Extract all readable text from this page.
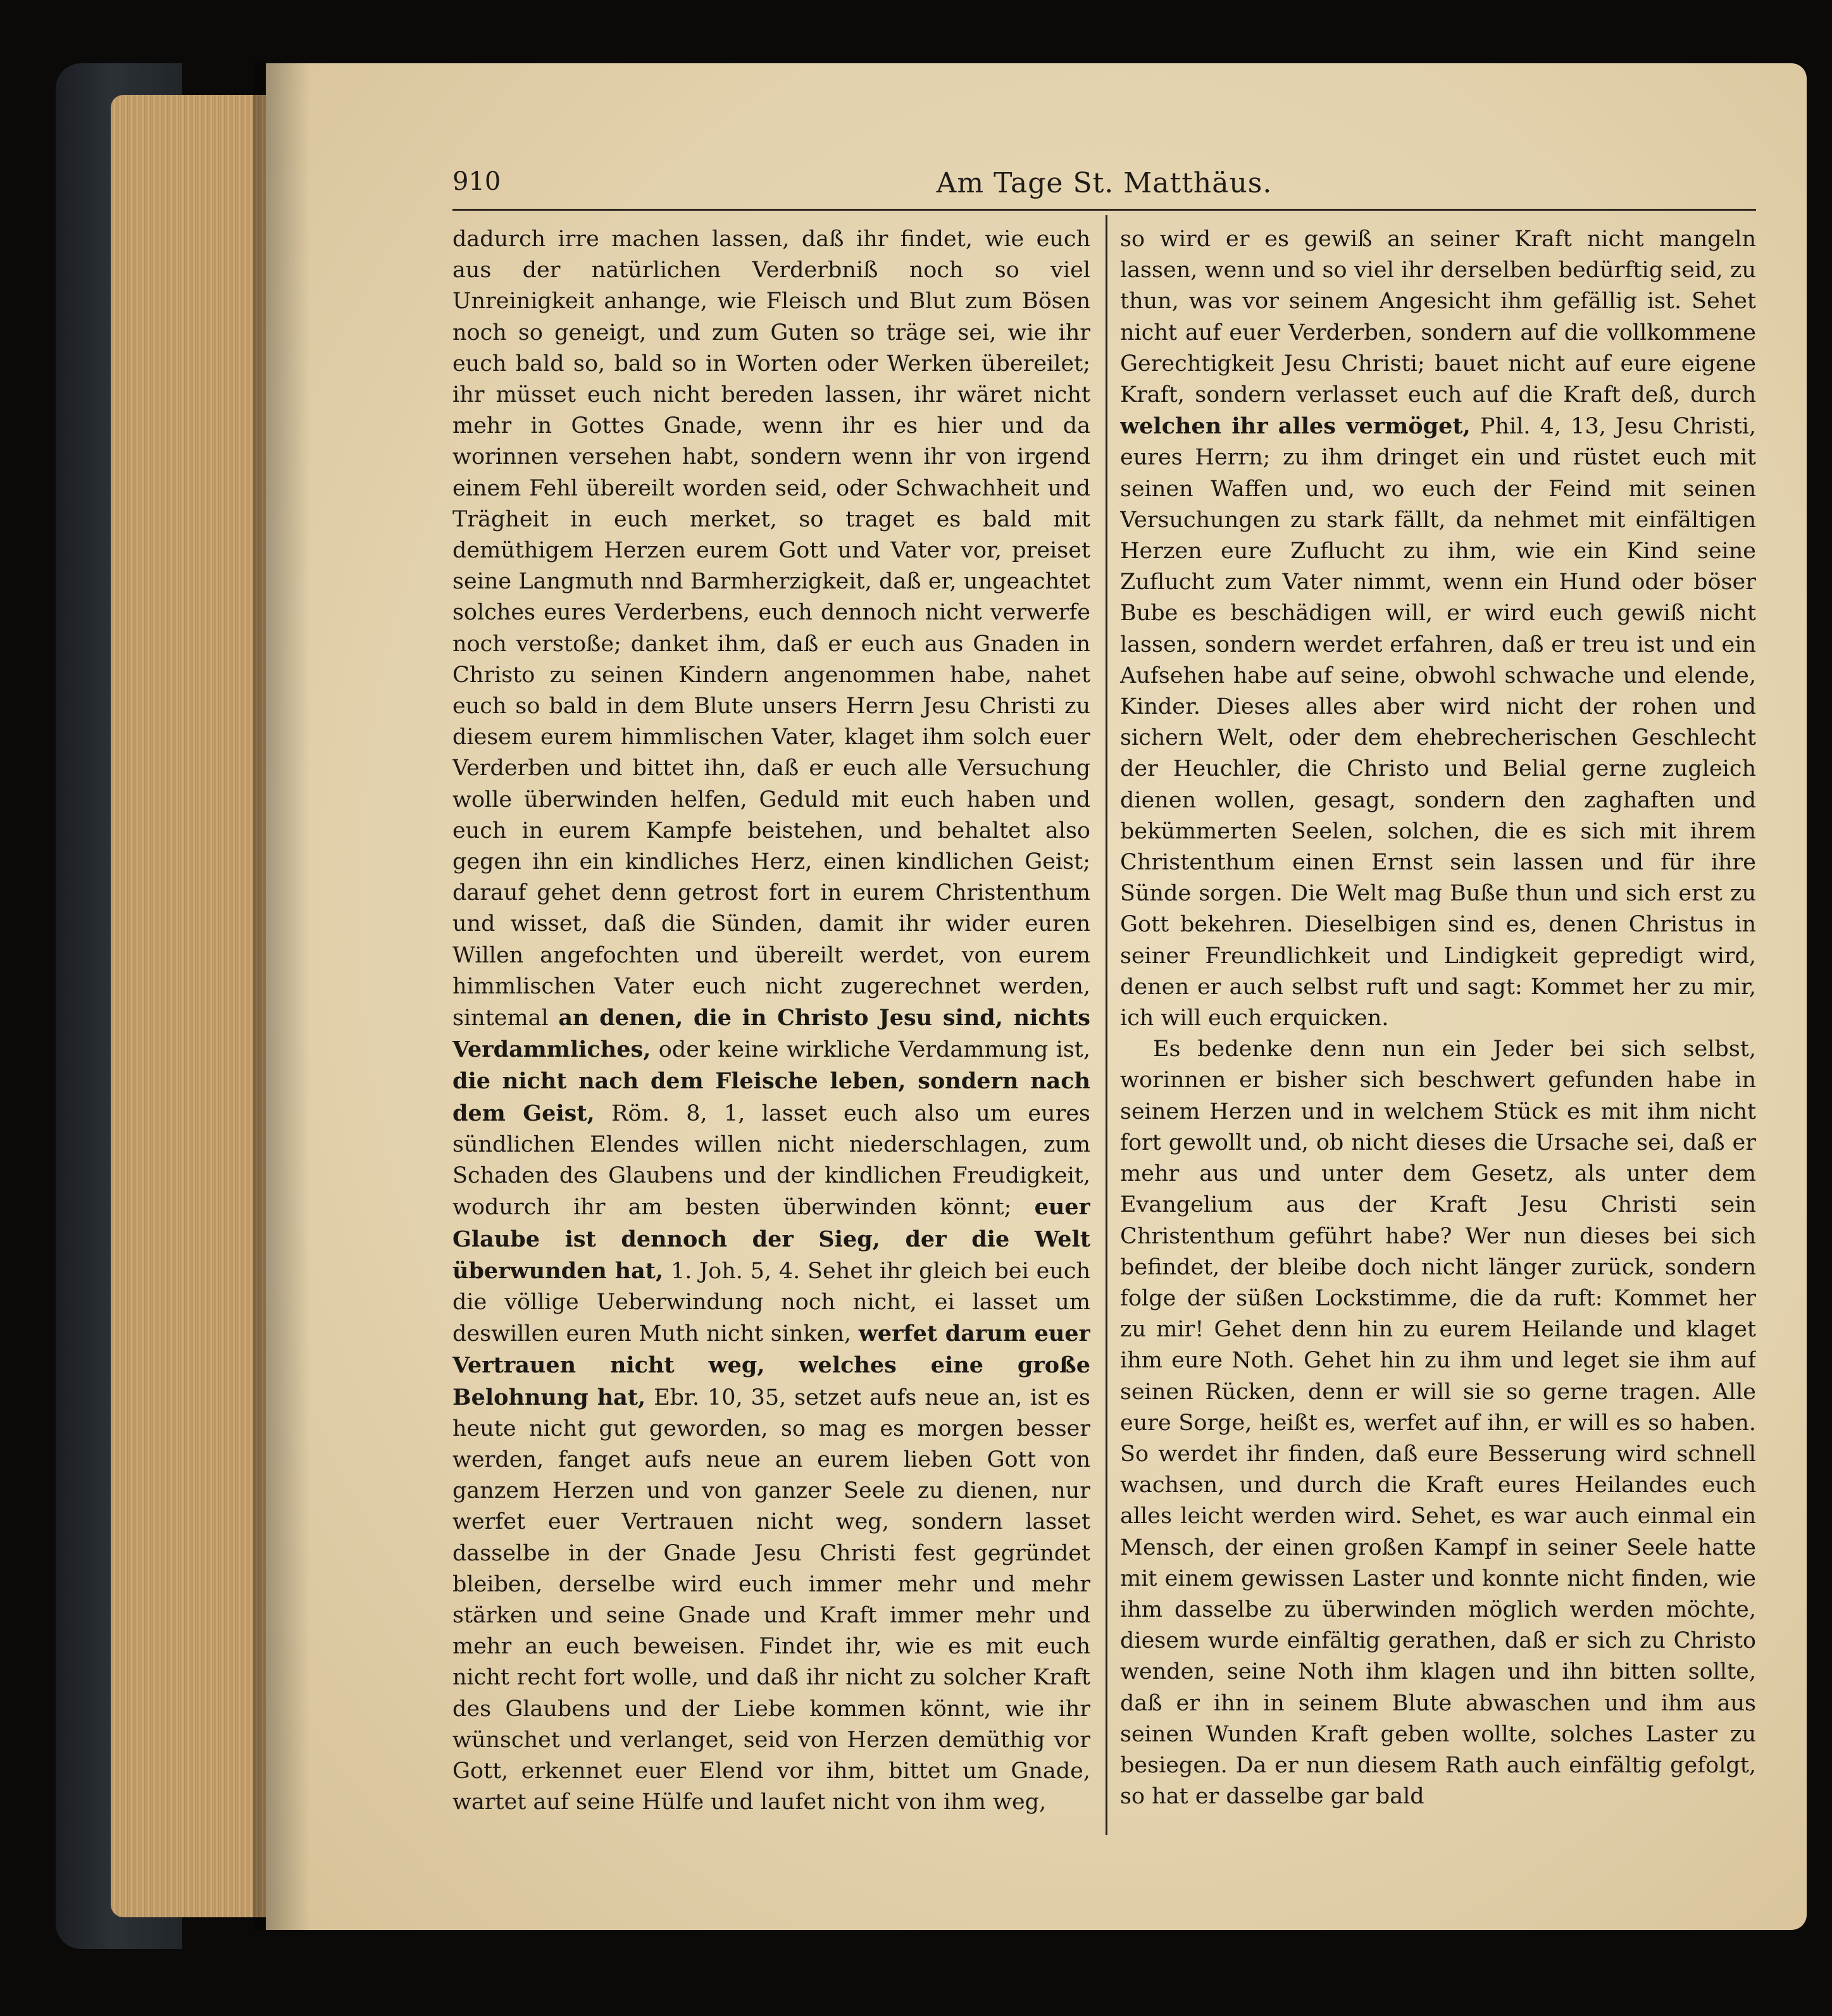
910	Am Tage St. Matthäus.

dadurch irre machen lassen, daß ihr findet, wie euch aus der natürlichen Verderbniß noch so viel Unreinigkeit anhange, wie Fleisch und Blut zum Bösen noch so geneigt, und zum Guten so träge sei, wie ihr euch bald so, bald so in Worten oder Werken übereilet; ihr müsset euch nicht bereden lassen, ihr wäret nicht mehr in Gottes Gnade, wenn ihr es hier und da worinnen versehen habt, sondern wenn ihr von irgend einem Fehl übereilt worden seid, oder Schwachheit und Trägheit in euch merket, so traget es bald mit demüthigem Herzen eurem Gott und Vater vor, preiset seine Langmuth nnd Barmherzigkeit, daß er, ungeachtet solches eures Verderbens, euch dennoch nicht verwerfe noch verstoße; danket ihm, daß er euch aus Gnaden in Christo zu seinen Kindern angenommen habe, nahet euch so bald in dem Blute unsers Herrn Jesu Christi zu diesem eurem himmlischen Vater, klaget ihm solch euer Verderben und bittet ihn, daß er euch alle Versuchung wolle überwinden helfen, Geduld mit euch haben und euch in eurem Kampfe beistehen, und behaltet also gegen ihn ein kindliches Herz, einen kindlichen Geist; darauf gehet denn getrost fort in eurem Christenthum und wisset, daß die Sünden, damit ihr wider euren Willen angefochten und übereilt werdet, von eurem himmlischen Vater euch nicht zugerechnet werden, sintemal an denen, die in Christo Jesu sind, nichts Verdammliches, oder keine wirkliche Verdammung ist, die nicht nach dem Fleische leben, sondern nach dem Geist, Röm. 8, 1, lasset euch also um eures sündlichen Elendes willen nicht niederschlagen, zum Schaden des Glaubens und der kindlichen Freudigkeit, wodurch ihr am besten überwinden könnt; euer Glaube ist dennoch der Sieg, der die Welt überwunden hat, 1. Joh. 5, 4. Sehet ihr gleich bei euch die völlige Ueberwindung noch nicht, ei lasset um deswillen euren Muth nicht sinken, werfet darum euer Vertrauen nicht weg, welches eine große Belohnung hat, Ebr. 10, 35, setzet aufs neue an, ist es heute nicht gut geworden, so mag es morgen besser werden, fanget aufs neue an eurem lieben Gott von ganzem Herzen und von ganzer Seele zu dienen, nur werfet euer Vertrauen nicht weg, sondern lasset dasselbe in der Gnade Jesu Christi fest gegründet bleiben, derselbe wird euch immer mehr und mehr stärken und seine Gnade und Kraft immer mehr und mehr an euch beweisen. Findet ihr, wie es mit euch nicht recht fort wolle, und daß ihr nicht zu solcher Kraft des Glaubens und der Liebe kommen könnt, wie ihr wünschet und verlanget, seid von Herzen demüthig vor Gott, erkennet euer Elend vor ihm, bittet um Gnade, wartet auf seine Hülfe und laufet nicht von ihm weg,

so wird er es gewiß an seiner Kraft nicht mangeln lassen, wenn und so viel ihr derselben bedürftig seid, zu thun, was vor seinem Angesicht ihm gefällig ist. Sehet nicht auf euer Verderben, sondern auf die vollkommene Gerechtigkeit Jesu Christi; bauet nicht auf eure eigene Kraft, sondern verlasset euch auf die Kraft deß, durch welchen ihr alles vermöget, Phil. 4, 13, Jesu Christi, eures Herrn; zu ihm dringet ein und rüstet euch mit seinen Waffen und, wo euch der Feind mit seinen Versuchungen zu stark fällt, da nehmet mit einfältigen Herzen eure Zuflucht zu ihm, wie ein Kind seine Zuflucht zum Vater nimmt, wenn ein Hund oder böser Bube es beschädigen will, er wird euch gewiß nicht lassen, sondern werdet erfahren, daß er treu ist und ein Aufsehen habe auf seine, obwohl schwache und elende, Kinder. Dieses alles aber wird nicht der rohen und sichern Welt, oder dem ehebrecherischen Geschlecht der Heuchler, die Christo und Belial gerne zugleich dienen wollen, gesagt, sondern den zaghaften und bekümmerten Seelen, solchen, die es sich mit ihrem Christenthum einen Ernst sein lassen und für ihre Sünde sorgen. Die Welt mag Buße thun und sich erst zu Gott bekehren. Dieselbigen sind es, denen Christus in seiner Freundlichkeit und Lindigkeit gepredigt wird, denen er auch selbst ruft und sagt: Kommet her zu mir, ich will euch erquicken.

Es bedenke denn nun ein Jeder bei sich selbst, worinnen er bisher sich beschwert gefunden habe in seinem Herzen und in welchem Stück es mit ihm nicht fort gewollt und, ob nicht dieses die Ursache sei, daß er mehr aus und unter dem Gesetz, als unter dem Evangelium aus der Kraft Jesu Christi sein Christenthum geführt habe? Wer nun dieses bei sich befindet, der bleibe doch nicht länger zurück, sondern folge der süßen Lockstimme, die da ruft: Kommet her zu mir! Gehet denn hin zu eurem Heilande und klaget ihm eure Noth. Gehet hin zu ihm und leget sie ihm auf seinen Rücken, denn er will sie so gerne tragen. Alle eure Sorge, heißt es, werfet auf ihn, er will es so haben. So werdet ihr finden, daß eure Besserung wird schnell wachsen, und durch die Kraft eures Heilandes euch alles leicht werden wird. Sehet, es war auch einmal ein Mensch, der einen großen Kampf in seiner Seele hatte mit einem gewissen Laster und konnte nicht finden, wie ihm dasselbe zu überwinden möglich werden möchte, diesem wurde einfältig gerathen, daß er sich zu Christo wenden, seine Noth ihm klagen und ihn bitten sollte, daß er ihn in seinem Blute abwaschen und ihm aus seinen Wunden Kraft geben wollte, solches Laster zu besiegen. Da er nun diesem Rath auch einfältig gefolgt, so hat er dasselbe gar bald
